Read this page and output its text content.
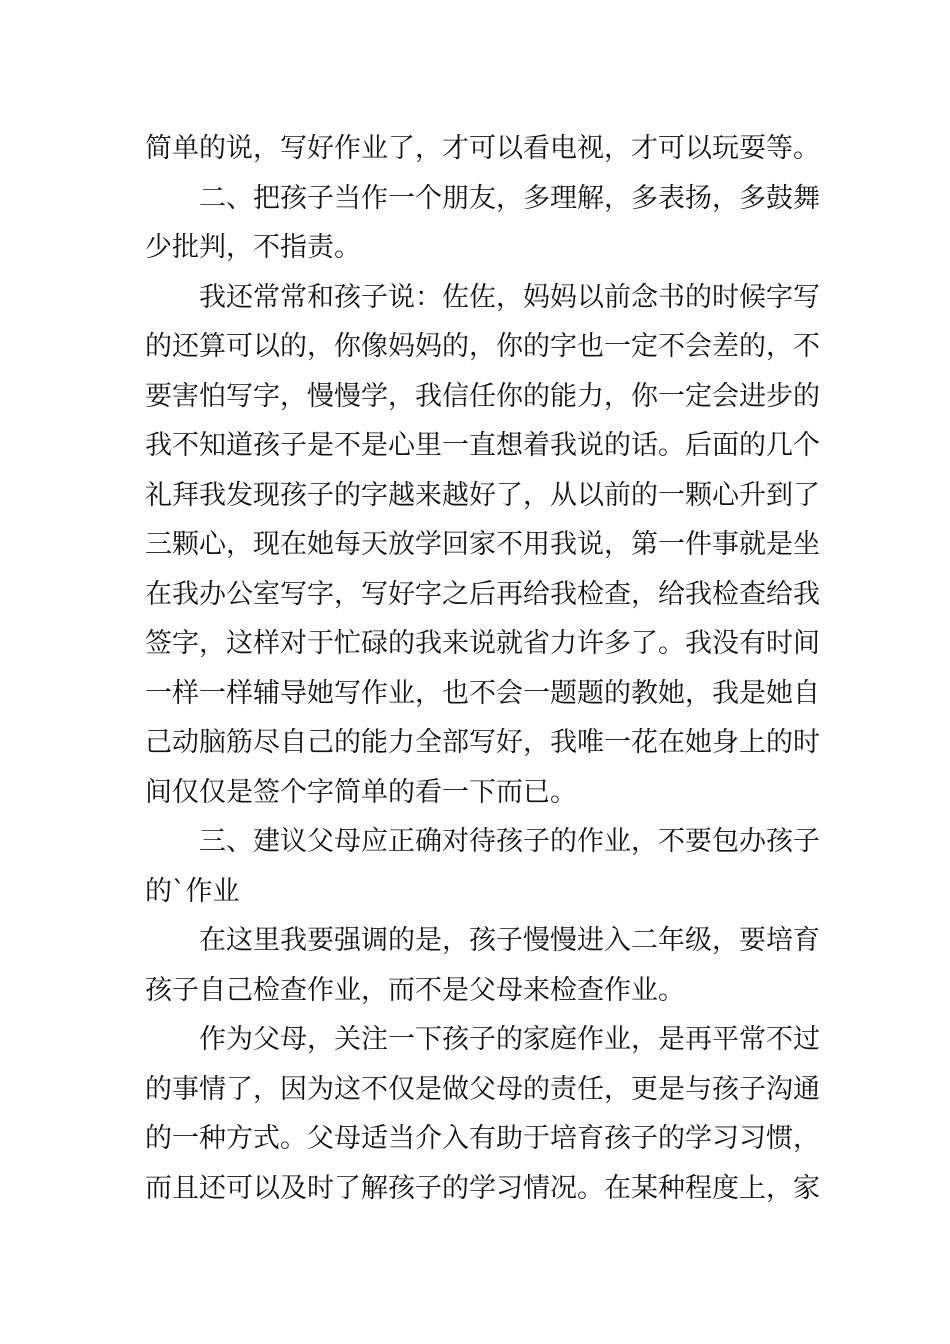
简单的说，写好作业了，才可以看电视，才可以玩耍等。
二、把孩子当作一个朋友，多理解，多表扬，多鼓舞
少批判，不指责。
我还常常和孩子说：佐佐，妈妈以前念书的时候字写
的还算可以的，你像妈妈的，你的字也一定不会差的，不
要害怕写字，慢慢学，我信任你的能力，你一定会进步的
我不知道孩子是不是心里一直想着我说的话。后面的几个
礼拜我发现孩子的字越来越好了，从以前的一颗心升到了
三颗心，现在她每天放学回家不用我说，第一件事就是坐
在我办公室写字，写好字之后再给我检查，给我检查给我
签字，这样对于忙碌的我来说就省力许多了。我没有时间
一样一样辅导她写作业，也不会一题题的教她，我是她自
己动脑筋尽自己的能力全部写好，我唯一花在她身上的时
间仅仅是签个字简单的看一下而已。
三、建议父母应正确对待孩子的作业，不要包办孩子
的`作业
在这里我要强调的是，孩子慢慢进入二年级，要培育
孩子自己检查作业，而不是父母来检查作业。
作为父母，关注一下孩子的家庭作业，是再平常不过
的事情了，因为这不仅是做父母的责任，更是与孩子沟通
的一种方式。父母适当介入有助于培育孩子的学习习惯，
而且还可以及时了解孩子的学习情况。在某种程度上，家
